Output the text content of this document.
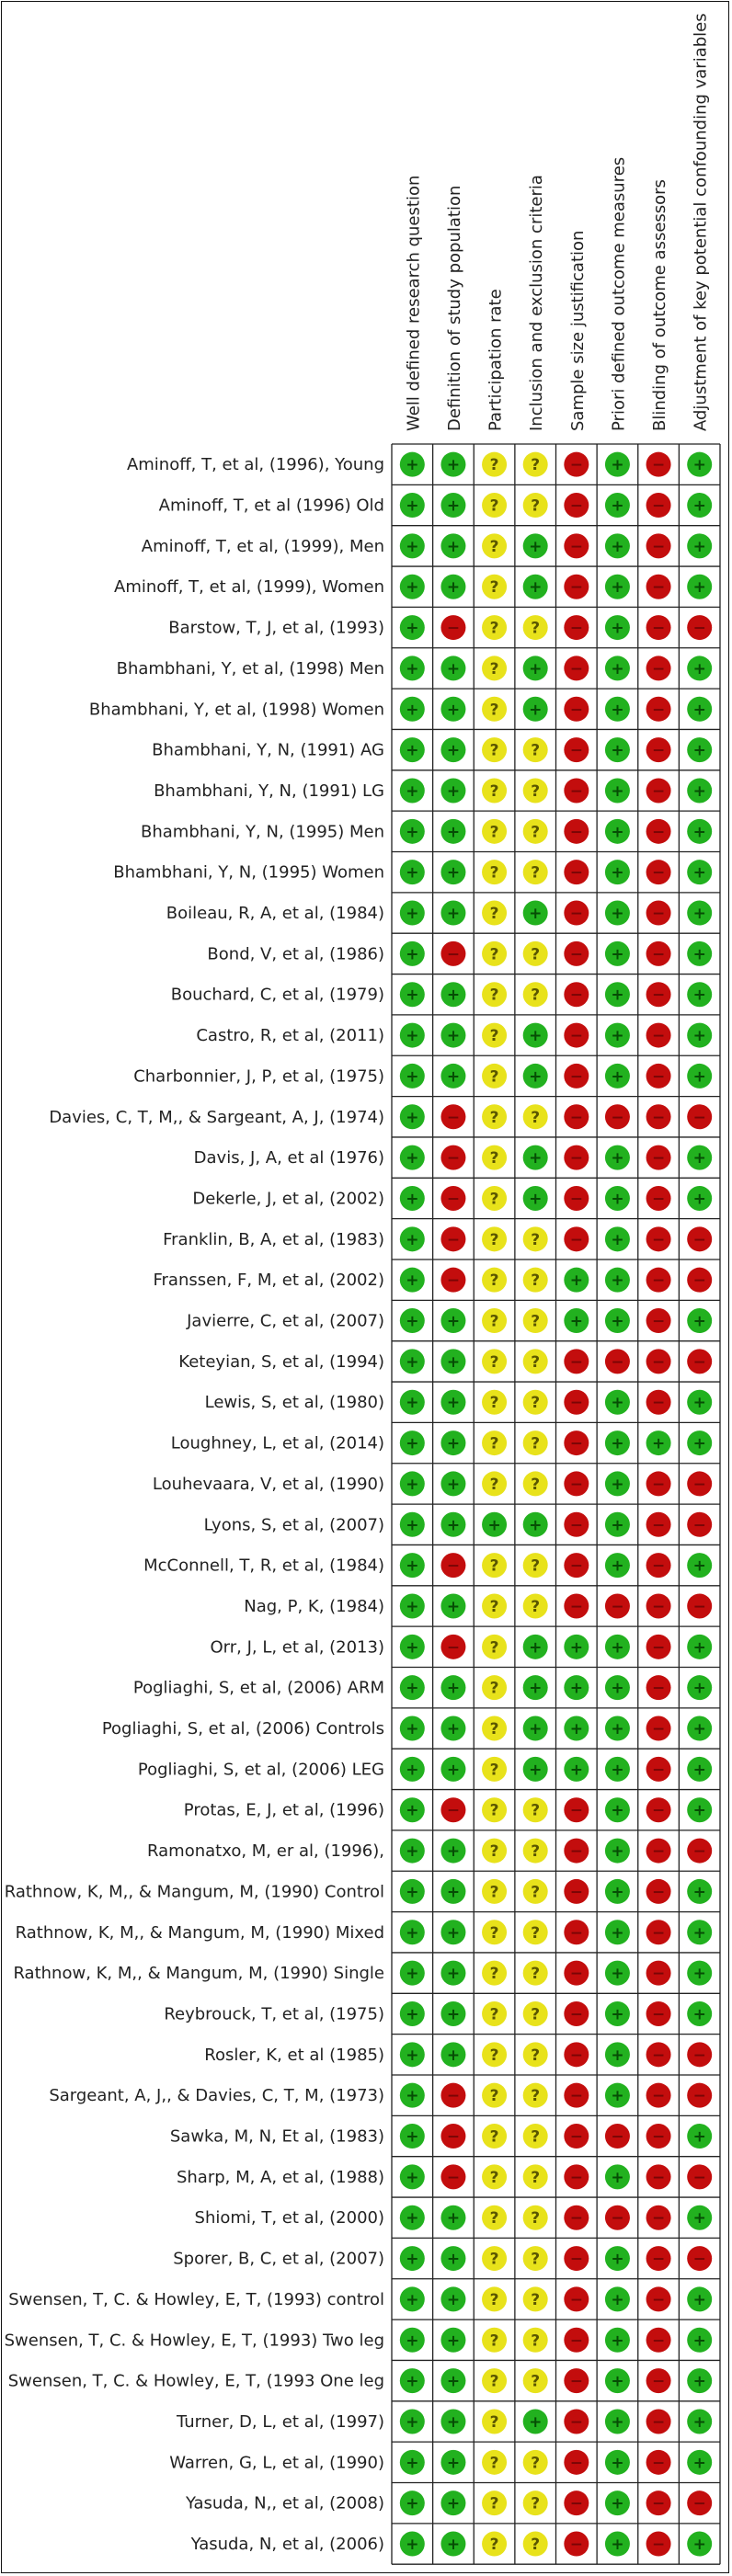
Well defined research question Definition of study population Participation rate Inclusion and exclusion criteria Sample size justification Priori defined outcome measures Blinding of outcome assessors Adjustment of key potential confounding variables
Aminoff, T, et al, (1996), Young + + ? ? − + − +
Aminoff, T, et al (1996) Old + + ? ? − + − +
Aminoff, T, et al, (1999), Men + + ? + − + − +
Aminoff, T, et al, (1999), Women + + ? + − + − +
Barstow, T, J, et al, (1993) + − ? ? − + − −
Bhambhani, Y, et al, (1998) Men + + ? + − + − +
Bhambhani, Y, et al, (1998) Women + + ? + − + − +
Bhambhani, Y, N, (1991) AG + + ? ? − + − +
Bhambhani, Y, N, (1991) LG + + ? ? − + − +
Bhambhani, Y, N, (1995) Men + + ? ? − + − +
Bhambhani, Y, N, (1995) Women + + ? ? − + − +
Boileau, R, A, et al, (1984) + + ? + − + − +
Bond, V, et al, (1986) + − ? ? − + − +
Bouchard, C, et al, (1979) + + ? ? − + − +
Castro, R, et al, (2011) + + ? + − + − +
Charbonnier, J, P, et al, (1975) + + ? + − + − +
Davies, C, T, M,, & Sargeant, A, J, (1974) + − ? ? − − − −
Davis, J, A, et al (1976) + − ? + − + − +
Dekerle, J, et al, (2002) + − ? + − + − +
Franklin, B, A, et al, (1983) + − ? ? − + − −
Franssen, F, M, et al, (2002) + − ? ? + + − −
Javierre, C, et al, (2007) + + ? ? + + − +
Keteyian, S, et al, (1994) + + ? ? − − − −
Lewis, S, et al, (1980) + + ? ? − + − +
Loughney, L, et al, (2014) + + ? ? − + + +
Louhevaara, V, et al, (1990) + + ? ? − + − −
Lyons, S, et al, (2007) + + + + − + − −
McConnell, T, R, et al, (1984) + − ? ? − + − +
Nag, P, K, (1984) + + ? ? − − − −
Orr, J, L, et al, (2013) + − ? + + + − +
Pogliaghi, S, et al, (2006) ARM + + ? + + + − +
Pogliaghi, S, et al, (2006) Controls + + ? + + + − +
Pogliaghi, S, et al, (2006) LEG + + ? + + + − +
Protas, E, J, et al, (1996) + − ? ? − + − +
Ramonatxo, M, er al, (1996), + + ? ? − + − −
Rathnow, K, M,, & Mangum, M, (1990) Control + + ? ? − + − +
Rathnow, K, M,, & Mangum, M, (1990) Mixed + + ? ? − + − +
Rathnow, K, M,, & Mangum, M, (1990) Single + + ? ? − + − +
Reybrouck, T, et al, (1975) + + ? ? − + − +
Rosler, K, et al (1985) + + ? ? − + − −
Sargeant, A, J,, & Davies, C, T, M, (1973) + − ? ? − + − −
Sawka, M, N, Et al, (1983) + − ? ? − − − +
Sharp, M, A, et al, (1988) + − ? ? − + − −
Shiomi, T, et al, (2000) + + ? ? − − − +
Sporer, B, C, et al, (2007) + + ? ? − + − −
Swensen, T, C. & Howley, E, T, (1993) control + + ? ? − + − +
Swensen, T, C. & Howley, E, T, (1993) Two leg + + ? ? − + − +
Swensen, T, C. & Howley, E, T, (1993 One leg + + ? ? − + − +
Turner, D, L, et al, (1997) + + ? + − + − +
Warren, G, L, et al, (1990) + + ? ? − + − +
Yasuda, N,, et al, (2008) + + ? ? − + − −
Yasuda, N, et al, (2006) + + ? ? − + − +
